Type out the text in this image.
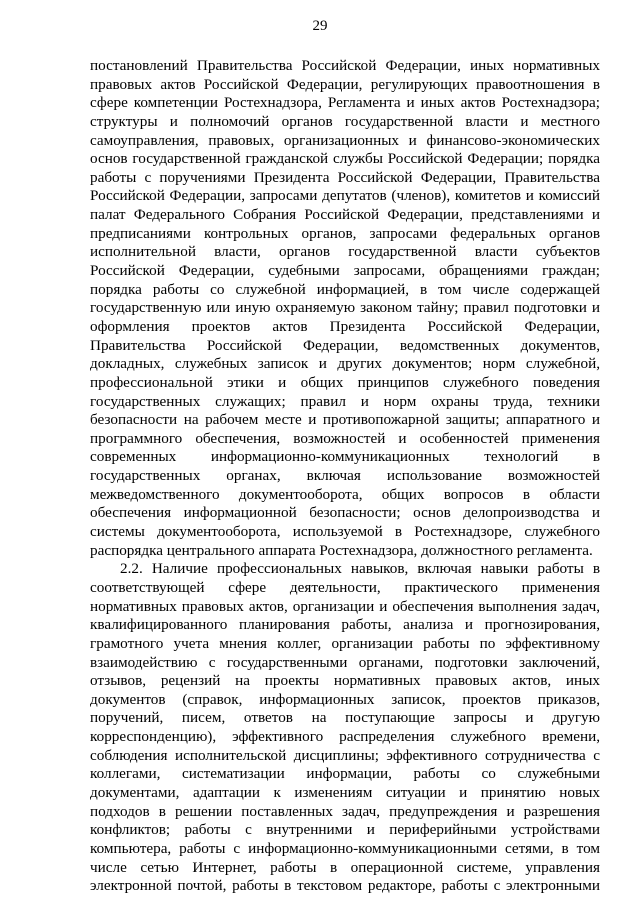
29
постановлений Правительства Российской Федерации, иных нормативных
правовых актов Российской Федерации, регулирующих правоотношения в
сфере компетенции Ростехнадзора, Регламента и иных актов Ростехнадзора;
структуры и полномочий органов государственной власти и местного
самоуправления, правовых, организационных и финансово-экономических
основ государственной гражданской службы Российской Федерации; порядка
работы с поручениями Президента Российской Федерации, Правительства
Российской Федерации, запросами депутатов (членов), комитетов и комиссий
палат Федерального Собрания Российской Федерации, представлениями и
предписаниями контрольных органов, запросами федеральных органов
исполнительной власти, органов государственной власти субъектов
Российской Федерации, судебными запросами, обращениями граждан;
порядка работы со служебной информацией, в том числе содержащей
государственную или иную охраняемую законом тайну; правил подготовки и
оформления проектов актов Президента Российской Федерации,
Правительства Российской Федерации, ведомственных документов,
докладных, служебных записок и других документов; норм служебной,
профессиональной этики и общих принципов служебного поведения
государственных служащих; правил и норм охраны труда, техники
безопасности на рабочем месте и противопожарной защиты; аппаратного и
программного обеспечения, возможностей и особенностей применения
современных информационно-коммуникационных технологий в
государственных органах, включая использование возможностей
межведомственного документооборота, общих вопросов в области
обеспечения информационной безопасности; основ делопроизводства и
системы документооборота, используемой в Ростехнадзоре, служебного
распорядка центрального аппарата Ростехнадзора, должностного регламента.
2.2. Наличие профессиональных навыков, включая навыки работы в
соответствующей сфере деятельности, практического применения
нормативных правовых актов, организации и обеспечения выполнения задач,
квалифицированного планирования работы, анализа и прогнозирования,
грамотного учета мнения коллег, организации работы по эффективному
взаимодействию с государственными органами, подготовки заключений,
отзывов, рецензий на проекты нормативных правовых актов, иных
документов (справок, информационных записок, проектов приказов,
поручений, писем, ответов на поступающие запросы и другую
корреспонденцию), эффективного распределения служебного времени,
соблюдения исполнительской дисциплины; эффективного сотрудничества с
коллегами, систематизации информации, работы со служебными
документами, адаптации к изменениям ситуации и принятию новых
подходов в решении поставленных задач, предупреждения и разрешения
конфликтов; работы с внутренними и периферийными устройствами
компьютера, работы с информационно-коммуникационными сетями, в том
числе сетью Интернет, работы в операционной системе, управления
электронной почтой, работы в текстовом редакторе, работы с электронными
